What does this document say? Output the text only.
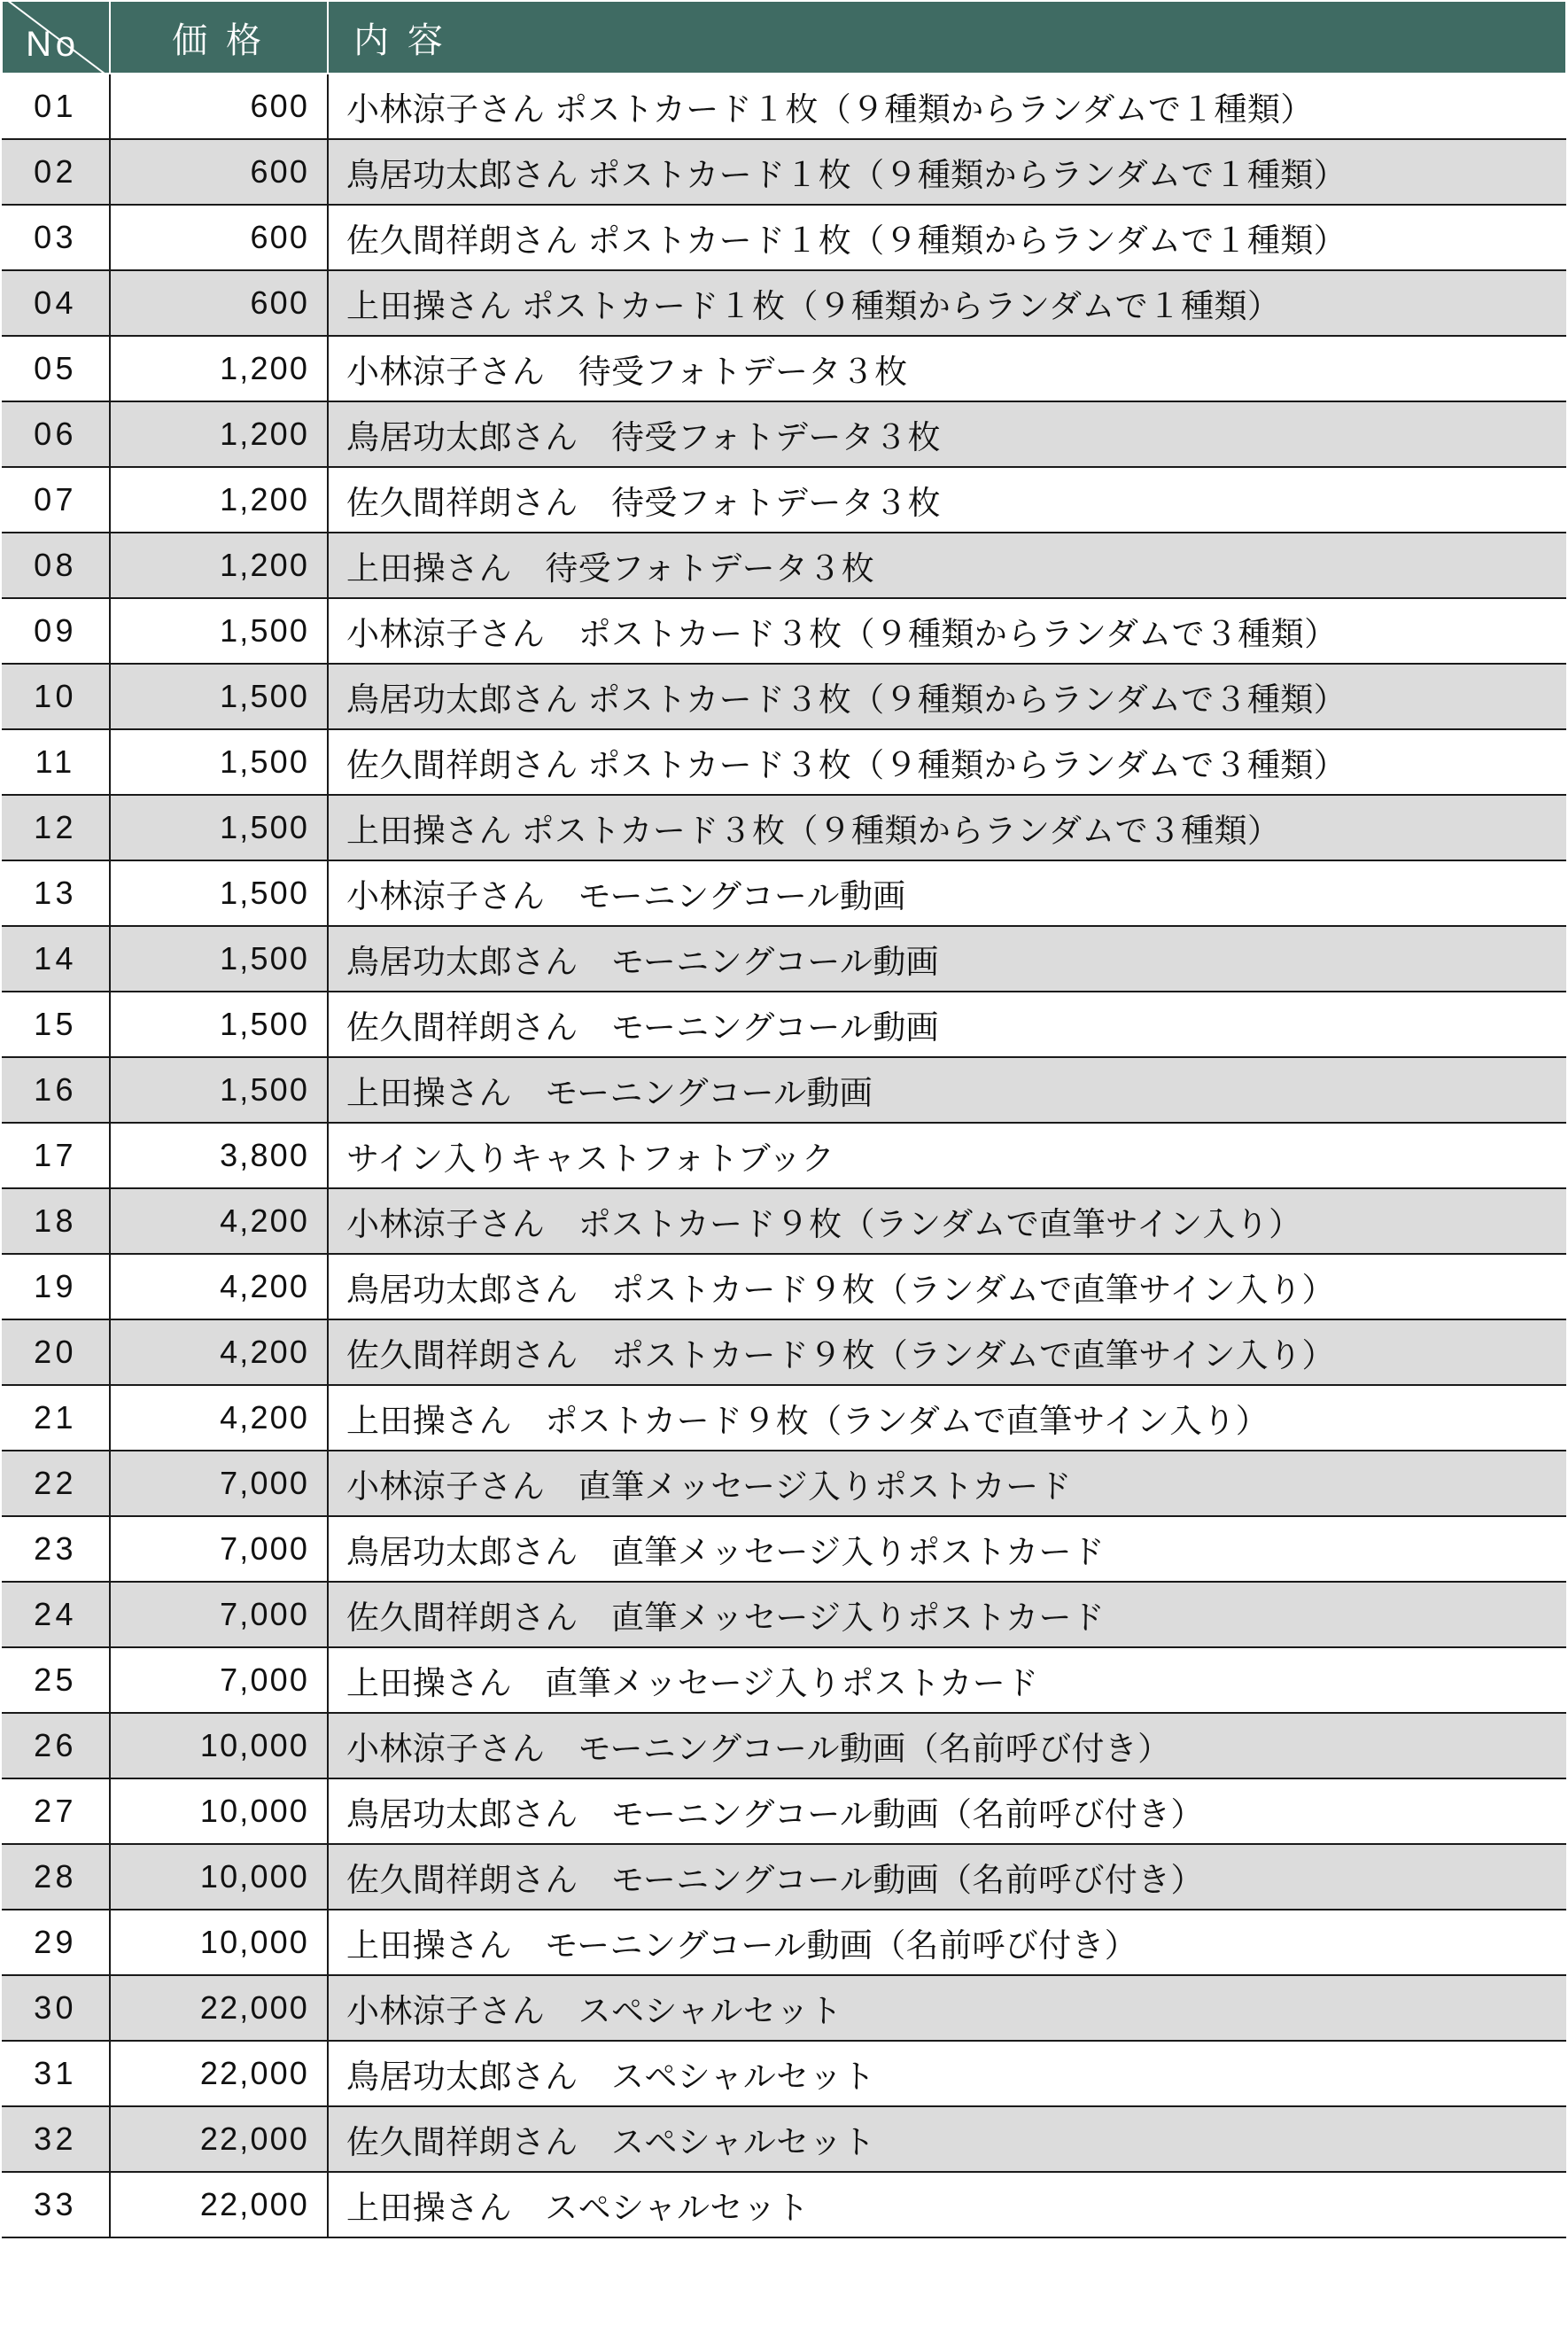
No	価 格	内 容
01	600	小林涼子さん ポストカード１枚（９種類からランダムで１種類）
02	600	鳥居功太郎さん ポストカード１枚（９種類からランダムで１種類）
03	600	佐久間祥朗さん ポストカード１枚（９種類からランダムで１種類）
04	600	上田操さん ポストカード１枚（９種類からランダムで１種類）
05	1,200	小林涼子さん　待受フォトデータ３枚
06	1,200	鳥居功太郎さん　待受フォトデータ３枚
07	1,200	佐久間祥朗さん　待受フォトデータ３枚
08	1,200	上田操さん　待受フォトデータ３枚
09	1,500	小林涼子さん　ポストカード３枚（９種類からランダムで３種類）
10	1,500	鳥居功太郎さん ポストカード３枚（９種類からランダムで３種類）
11	1,500	佐久間祥朗さん ポストカード３枚（９種類からランダムで３種類）
12	1,500	上田操さん ポストカード３枚（９種類からランダムで３種類）
13	1,500	小林涼子さん　モーニングコール動画
14	1,500	鳥居功太郎さん　モーニングコール動画
15	1,500	佐久間祥朗さん　モーニングコール動画
16	1,500	上田操さん　モーニングコール動画
17	3,800	サイン入りキャストフォトブック
18	4,200	小林涼子さん　ポストカード９枚（ランダムで直筆サイン入り）
19	4,200	鳥居功太郎さん　ポストカード９枚（ランダムで直筆サイン入り）
20	4,200	佐久間祥朗さん　ポストカード９枚（ランダムで直筆サイン入り）
21	4,200	上田操さん　ポストカード９枚（ランダムで直筆サイン入り）
22	7,000	小林涼子さん　直筆メッセージ入りポストカード
23	7,000	鳥居功太郎さん　直筆メッセージ入りポストカード
24	7,000	佐久間祥朗さん　直筆メッセージ入りポストカード
25	7,000	上田操さん　直筆メッセージ入りポストカード
26	10,000	小林涼子さん　モーニングコール動画（名前呼び付き）
27	10,000	鳥居功太郎さん　モーニングコール動画（名前呼び付き）
28	10,000	佐久間祥朗さん　モーニングコール動画（名前呼び付き）
29	10,000	上田操さん　モーニングコール動画（名前呼び付き）
30	22,000	小林涼子さん　スペシャルセット
31	22,000	鳥居功太郎さん　スペシャルセット
32	22,000	佐久間祥朗さん　スペシャルセット
33	22,000	上田操さん　スペシャルセット
